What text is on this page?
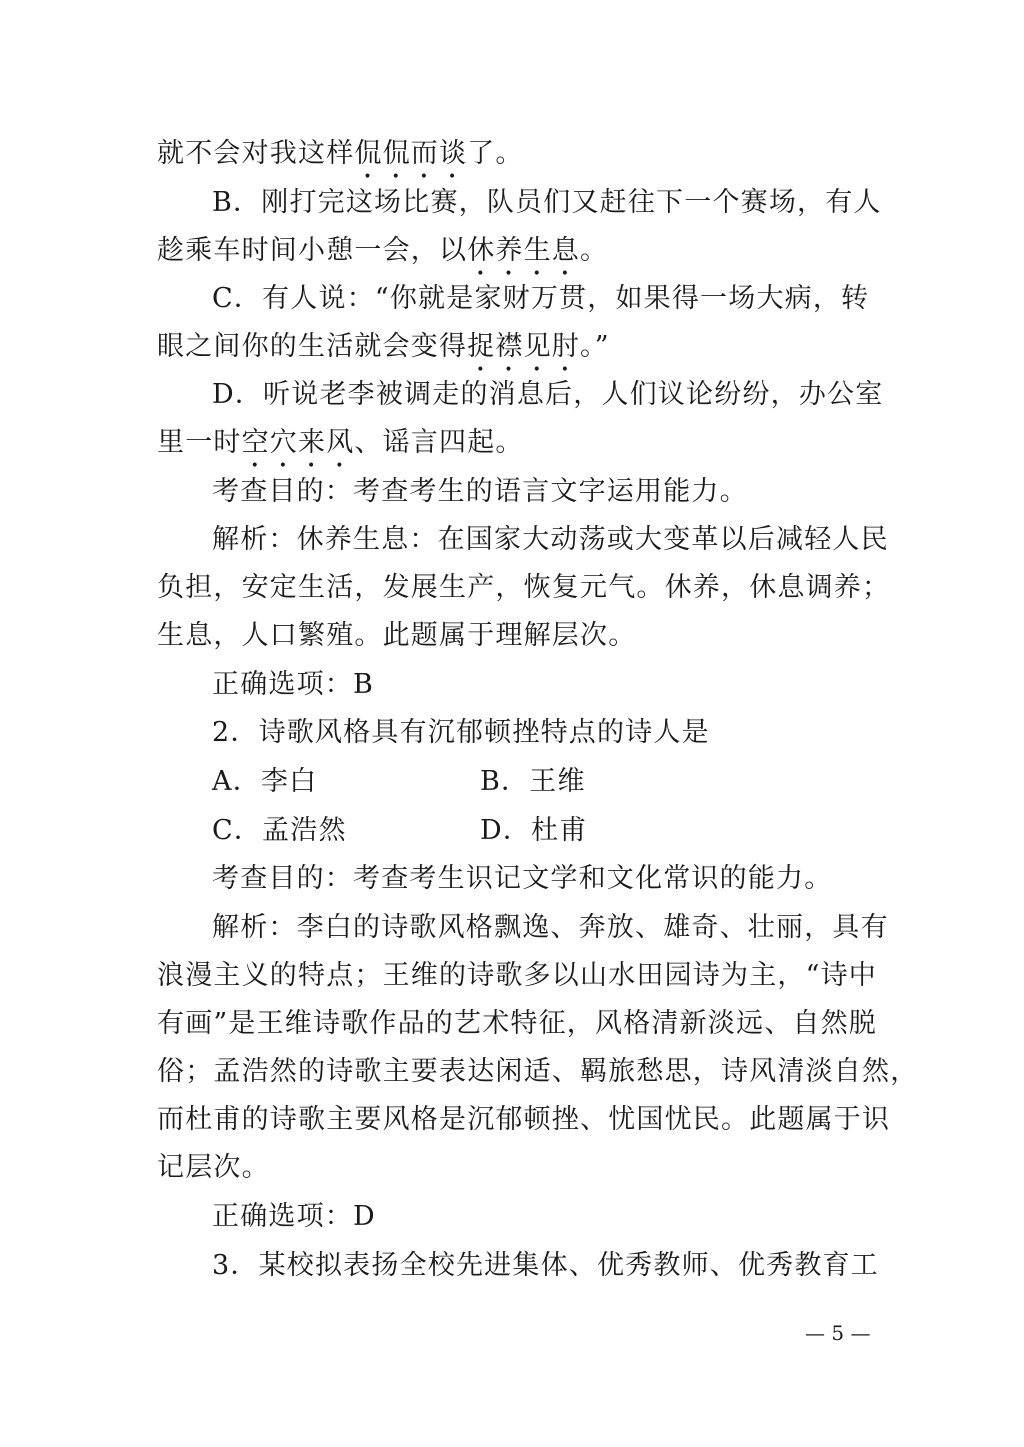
就不会对我这样侃侃而谈了。
B．刚打完这场比赛，队员们又赶往下一个赛场，有人
趁乘车时间小憩一会，以休养生息。
C．有人说：“你就是家财万贯，如果得一场大病，转
眼之间你的生活就会变得捉襟见肘。”
D．听说老李被调走的消息后，人们议论纷纷，办公室
里一时空穴来风、谣言四起。
考查目的：考查考生的语言文字运用能力。
解析：休养生息：在国家大动荡或大变革以后减轻人民
负担，安定生活，发展生产，恢复元气。休养，休息调养；
生息，人口繁殖。此题属于理解层次。
正确选项：B
2．诗歌风格具有沉郁顿挫特点的诗人是
A．李白	B．王维
C．孟浩然	D．杜甫
考查目的：考查考生识记文学和文化常识的能力。
解析：李白的诗歌风格飘逸、奔放、雄奇、壮丽，具有
浪漫主义的特点；王维的诗歌多以山水田园诗为主，“诗中
有画”是王维诗歌作品的艺术特征，风格清新淡远、自然脱
俗；孟浩然的诗歌主要表达闲适、羁旅愁思，诗风清淡自然，
而杜甫的诗歌主要风格是沉郁顿挫、忧国忧民。此题属于识
记层次。
正确选项：D
3．某校拟表扬全校先进集体、优秀教师、优秀教育工
— 5 —
